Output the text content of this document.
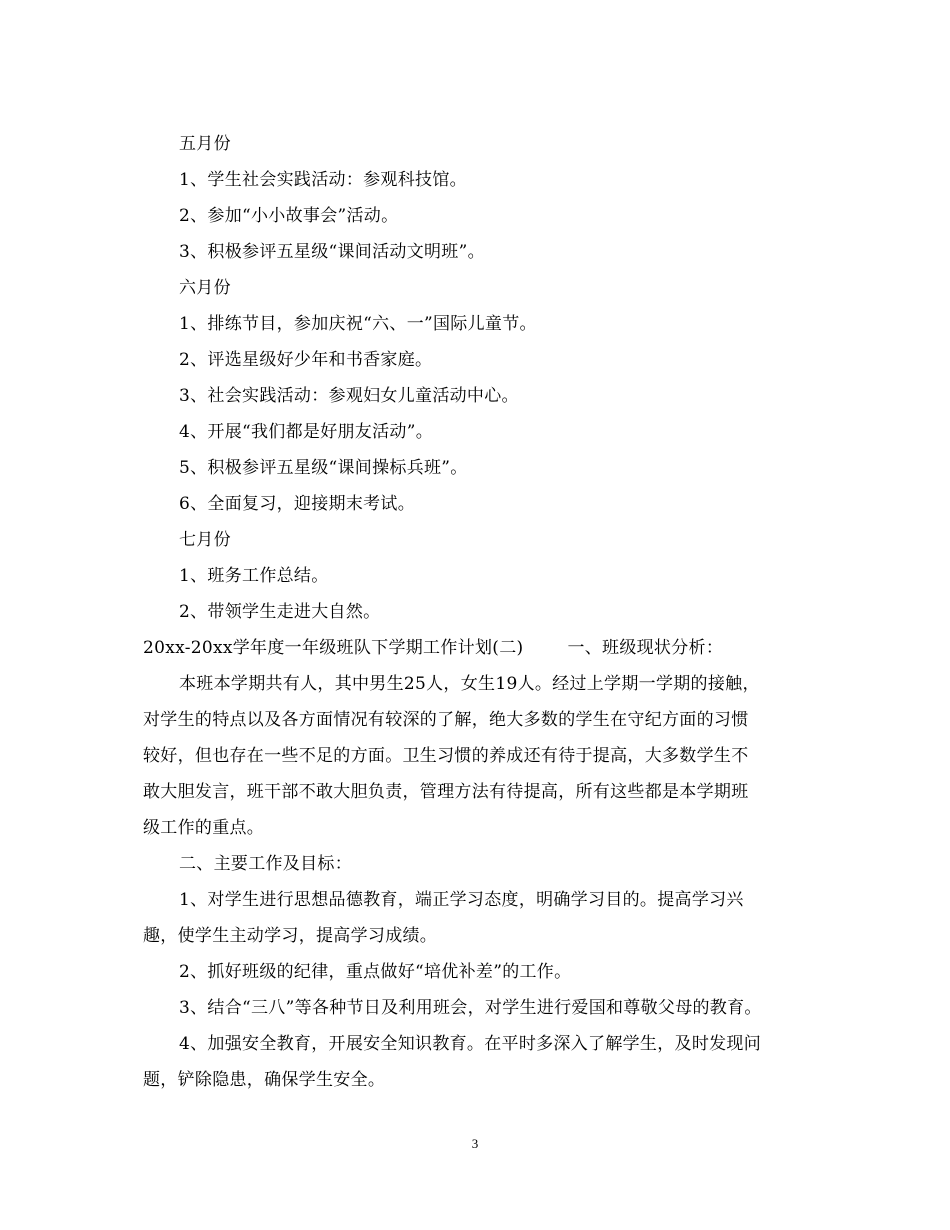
五月份
1、学生社会实践活动：参观科技馆。
2、参加“小小故事会”活动。
3、积极参评五星级“课间活动文明班”。
六月份
1、排练节目，参加庆祝“六、一”国际儿童节。
2、评选星级好少年和书香家庭。
3、社会实践活动：参观妇女儿童活动中心。
4、开展“我们都是好朋友活动”。
5、积极参评五星级“课间操标兵班”。
6、全面复习，迎接期末考试。
七月份
1、班务工作总结。
2、带领学生走进大自然。
20xx-20xx学年度一年级班队下学期工作计划(二)	一、班级现状分析：
本班本学期共有人，其中男生25人，女生19人。经过上学期一学期的接触，
对学生的特点以及各方面情况有较深的了解，绝大多数的学生在守纪方面的习惯
较好，但也存在一些不足的方面。卫生习惯的养成还有待于提高，大多数学生不
敢大胆发言，班干部不敢大胆负责，管理方法有待提高，所有这些都是本学期班
级工作的重点。
二、主要工作及目标：
1、对学生进行思想品德教育，端正学习态度，明确学习目的。提高学习兴
趣，使学生主动学习，提高学习成绩。
2、抓好班级的纪律，重点做好“培优补差”的工作。
3、结合“三八”等各种节日及利用班会，对学生进行爱国和尊敬父母的教育。
4、加强安全教育，开展安全知识教育。在平时多深入了解学生，及时发现问
题，铲除隐患，确保学生安全。
3
